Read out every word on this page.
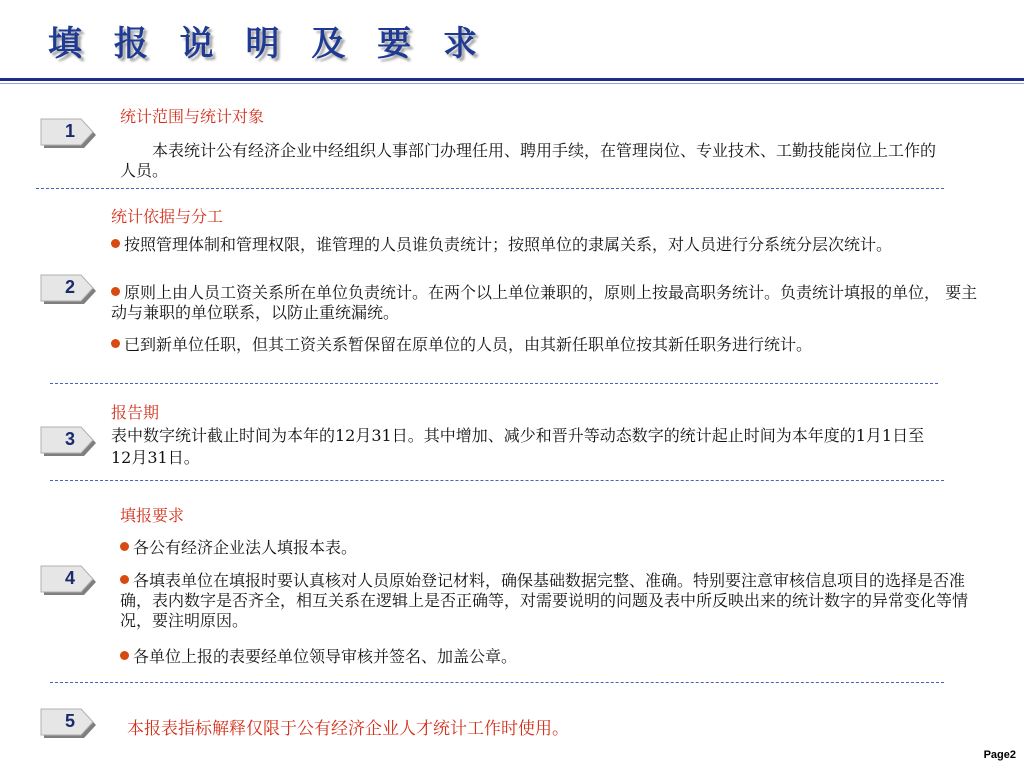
填 报 说 明 及 要 求
1

统计范围与统计对象

本表统计公有经济企业中经组织人事部门办理任用、聘用手续，在管理岗位、专业技术、工勤技能岗位上工作的人员。

2

统计依据与分工

按照管理体制和管理权限，谁管理的人员谁负责统计；按照单位的隶属关系，对人员进行分系统分层次统计。

原则上由人员工资关系所在单位负责统计。在两个以上单位兼职的，原则上按最高职务统计。负责统计填报的单位， 要主动与兼职的单位联系，以防止重统漏统。

已到新单位任职，但其工资关系暂保留在原单位的人员，由其新任职单位按其新任职务进行统计。

3

报告期

表中数字统计截止时间为本年的12月31日。其中增加、减少和晋升等动态数字的统计起止时间为本年度的1月1日至12月31日。

4

填报要求

各公有经济企业法人填报本表。

各填表单位在填报时要认真核对人员原始登记材料，确保基础数据完整、准确。特别要注意审核信息项目的选择是否准确，表内数字是否齐全，相互关系在逻辑上是否正确等，对需要说明的问题及表中所反映出来的统计数字的异常变化等情况，要注明原因。

各单位上报的表要经单位领导审核并签名、加盖公章。

5	本报表指标解释仅限于公有经济企业人才统计工作时使用。

Page2
